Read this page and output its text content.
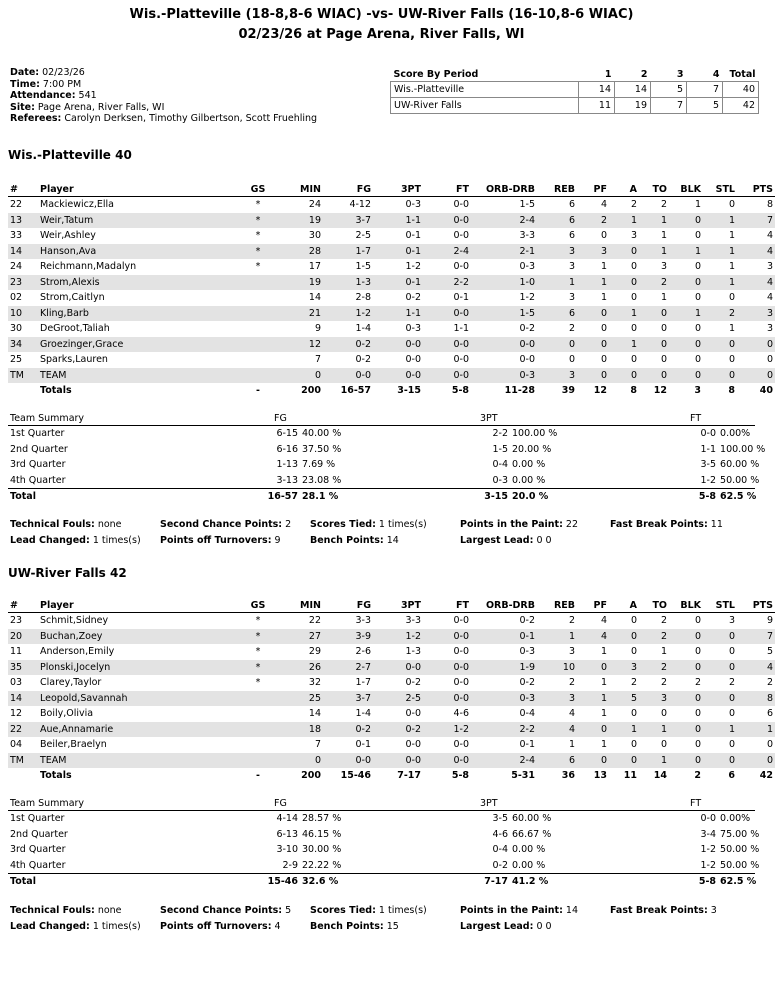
Wis.-Platteville (18-8,8-6 WIAC) -vs- UW-River Falls (16-10,8-6 WIAC)
02/23/26 at Page Arena, River Falls, WI
Date: 02/23/26
Time: 7:00 PM
Attendance: 541
Site: Page Arena, River Falls, WI
Referees: Carolyn Derksen, Timothy Gilbertson, Scott Fruehling
Score By Period	1	2	3	4	Total
Wis.-Platteville	14	14	5	7	40
UW-River Falls	11	19	7	5	42
Wis.-Platteville 40
#	Player	GS	MIN	FG	3PT	FT	ORB-DRB	REB	PF	A	TO	BLK	STL	PTS
22	Mackiewicz,Ella	*	24	4-12	0-3	0-0	1-5	6	4	2	2	1	0	8
13	Weir,Tatum	*	19	3-7	1-1	0-0	2-4	6	2	1	1	0	1	7
33	Weir,Ashley	*	30	2-5	0-1	0-0	3-3	6	0	3	1	0	1	4
14	Hanson,Ava	*	28	1-7	0-1	2-4	2-1	3	3	0	1	1	1	4
24	Reichmann,Madalyn	*	17	1-5	1-2	0-0	0-3	3	1	0	3	0	1	3
23	Strom,Alexis		19	1-3	0-1	2-2	1-0	1	1	0	2	0	1	4
02	Strom,Caitlyn		14	2-8	0-2	0-1	1-2	3	1	0	1	0	0	4
10	Kling,Barb		21	1-2	1-1	0-0	1-5	6	0	1	0	1	2	3
30	DeGroot,Taliah		9	1-4	0-3	1-1	0-2	2	0	0	0	0	1	3
34	Groezinger,Grace		12	0-2	0-0	0-0	0-0	0	0	1	0	0	0	0
25	Sparks,Lauren		7	0-2	0-0	0-0	0-0	0	0	0	0	0	0	0
TM	TEAM		0	0-0	0-0	0-0	0-3	3	0	0	0	0	0	0
	Totals	-	200	16-57	3-15	5-8	11-28	39	12	8	12	3	8	40
Team Summary	FG		3PT		FT	
1st Quarter	6-15	40.00 %	2-2	100.00 %	0-0	0.00%
2nd Quarter	6-16	37.50 %	1-5	20.00 %	1-1	100.00 %
3rd Quarter	1-13	7.69 %	0-4	0.00 %	3-5	60.00 %
4th Quarter	3-13	23.08 %	0-3	0.00 %	1-2	50.00 %
Total	16-57	28.1 %	3-15	20.0 %	5-8	62.5 %
Technical Fouls: none	Second Chance Points: 2 Scores Tied: 1 times(s)	Points in the Paint: 22	Fast Break Points: 11
Lead Changed: 1 times(s) Points off Turnovers: 9	Bench Points: 14	Largest Lead: 0 0
UW-River Falls 42
#	Player	GS	MIN	FG	3PT	FT	ORB-DRB	REB	PF	A	TO	BLK	STL	PTS
23	Schmit,Sidney	*	22	3-3	3-3	0-0	0-2	2	4	0	2	0	3	9
20	Buchan,Zoey	*	27	3-9	1-2	0-0	0-1	1	4	0	2	0	0	7
11	Anderson,Emily	*	29	2-6	1-3	0-0	0-3	3	1	0	1	0	0	5
35	Plonski,Jocelyn	*	26	2-7	0-0	0-0	1-9	10	0	3	2	0	0	4
03	Clarey,Taylor	*	32	1-7	0-2	0-0	0-2	2	1	2	2	2	2	2
14	Leopold,Savannah		25	3-7	2-5	0-0	0-3	3	1	5	3	0	0	8
12	Boily,Olivia		14	1-4	0-0	4-6	0-4	4	1	0	0	0	0	6
22	Aue,Annamarie		18	0-2	0-2	1-2	2-2	4	0	1	1	0	1	1
04	Beiler,Braelyn		7	0-1	0-0	0-0	0-1	1	1	0	0	0	0	0
TM	TEAM		0	0-0	0-0	0-0	2-4	6	0	0	1	0	0	0
	Totals	-	200	15-46	7-17	5-8	5-31	36	13	11	14	2	6	42
Team Summary	FG		3PT		FT	
1st Quarter	4-14	28.57 %	3-5	60.00 %	0-0	0.00%
2nd Quarter	6-13	46.15 %	4-6	66.67 %	3-4	75.00 %
3rd Quarter	3-10	30.00 %	0-4	0.00 %	1-2	50.00 %
4th Quarter	2-9	22.22 %	0-2	0.00 %	1-2	50.00 %
Total	15-46	32.6 %	7-17	41.2 %	5-8	62.5 %
Technical Fouls: none	Second Chance Points: 5 Scores Tied: 1 times(s)	Points in the Paint: 14	Fast Break Points: 3
Lead Changed: 1 times(s) Points off Turnovers: 4	Bench Points: 15	Largest Lead: 0 0
